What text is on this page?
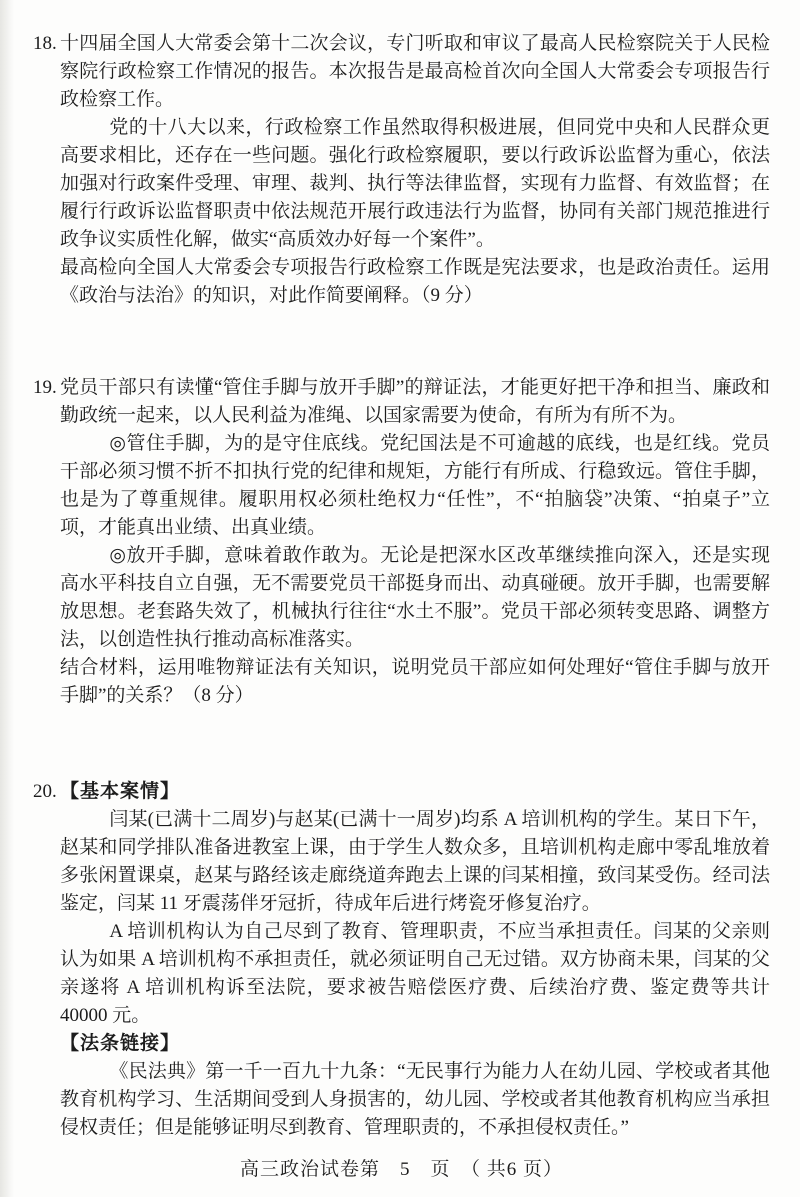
18. 十四届全国人大常委会第十二次会议，专门听取和审议了最高人民检察院关于人民检察院行政检察工作情况的报告。本次报告是最高检首次向全国人大常委会专项报告行政检察工作。

党的十八大以来，行政检察工作虽然取得积极进展，但同党中央和人民群众更高要求相比，还存在一些问题。强化行政检察履职，要以行政诉讼监督为重心，依法加强对行政案件受理、审理、裁判、执行等法律监督，实现有力监督、有效监督；在履行行政诉讼监督职责中依法规范开展行政违法行为监督，协同有关部门规范推进行政争议实质性化解，做实“高质效办好每一个案件”。

最高检向全国人大常委会专项报告行政检察工作既是宪法要求，也是政治责任。运用《政治与法治》的知识，对此作简要阐释。（9 分）

19. 党员干部只有读懂“管住手脚与放开手脚”的辩证法，才能更好把干净和担当、廉政和勤政统一起来，以人民利益为准绳、以国家需要为使命，有所为有所不为。

◎管住手脚，为的是守住底线。党纪国法是不可逾越的底线，也是红线。党员干部必须习惯不折不扣执行党的纪律和规矩，方能行有所成、行稳致远。管住手脚，也是为了尊重规律。履职用权必须杜绝权力“任性”，不“拍脑袋”决策、“拍桌子”立项，才能真出业绩、出真业绩。

◎放开手脚，意味着敢作敢为。无论是把深水区改革继续推向深入，还是实现高水平科技自立自强，无不需要党员干部挺身而出、动真碰硬。放开手脚，也需要解放思想。老套路失效了，机械执行往往“水土不服”。党员干部必须转变思路、调整方法，以创造性执行推动高标准落实。

结合材料，运用唯物辩证法有关知识，说明党员干部应如何处理好“管住手脚与放开手脚”的关系？（8 分）

20. 【基本案情】

闫某(已满十二周岁)与赵某(已满十一周岁)均系 A 培训机构的学生。某日下午，赵某和同学排队准备进教室上课，由于学生人数众多，且培训机构走廊中零乱堆放着多张闲置课桌，赵某与路经该走廊绕道奔跑去上课的闫某相撞，致闫某受伤。经司法鉴定，闫某 11 牙震荡伴牙冠折，待成年后进行烤瓷牙修复治疗。

A 培训机构认为自己尽到了教育、管理职责，不应当承担责任。闫某的父亲则认为如果 A 培训机构不承担责任，就必须证明自己无过错。双方协商未果，闫某的父亲遂将 A 培训机构诉至法院，要求被告赔偿医疗费、后续治疗费、鉴定费等共计 40000 元。

【法条链接】

《民法典》第一千一百九十九条：“无民事行为能力人在幼儿园、学校或者其他教育机构学习、生活期间受到人身损害的，幼儿园、学校或者其他教育机构应当承担侵权责任；但是能够证明尽到教育、管理职责的，不承担侵权责任。”

高三政治试卷第　5　页　（ 共6 页）
